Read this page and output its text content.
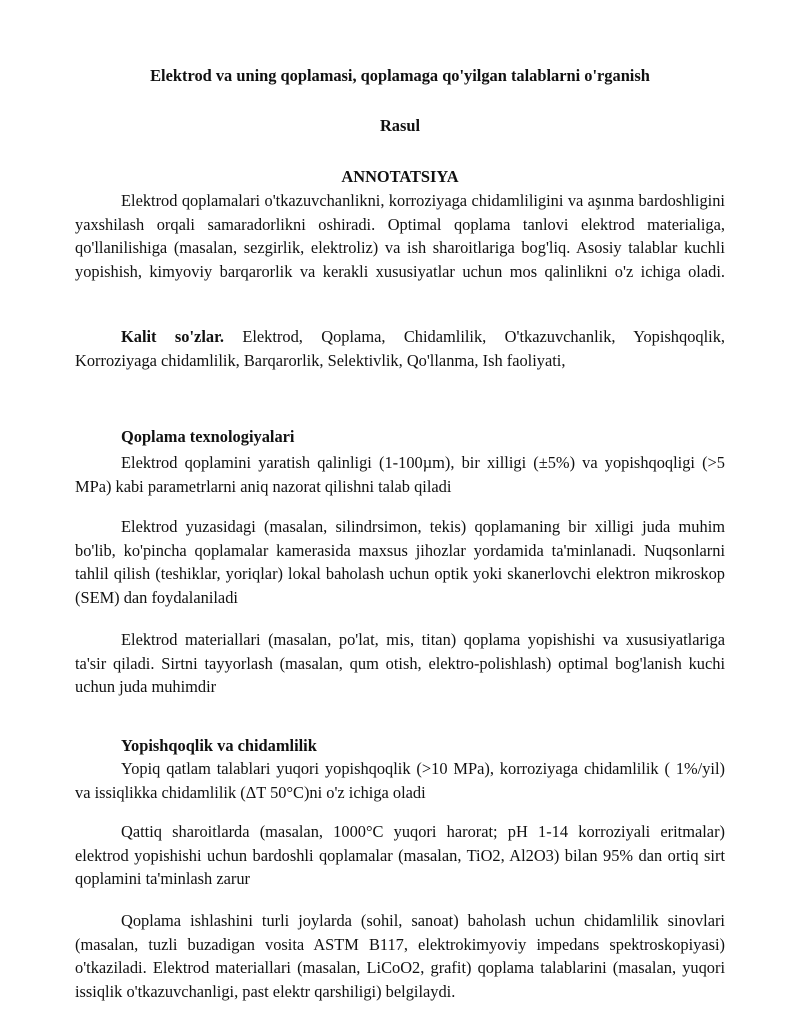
Elektrod va uning qoplamasi, qoplamaga qo'yilgan talablarni o'rganish
Rasul
ANNOTATSIYA
Elektrod qoplamalari o'tkazuvchanlikni, korroziyaga chidamliligini va aşınma bardoshligini yaxshilash orqali samaradorlikni oshiradi. Optimal qoplama tanlovi elektrod materialiga, qo'llanilishiga (masalan, sezgirlik, elektroliz) va ish sharoitlariga bog'liq. Asosiy talablar kuchli yopishish, kimyoviy barqarorlik va kerakli xususiyatlar uchun mos qalinlikni o'z ichiga oladi.
Kalit so'zlar. Elektrod, Qoplama, Chidamlilik, O'tkazuvchanlik, Yopishqoqlik, Korroziyaga chidamlilik, Barqarorlik, Selektivlik, Qo'llanma, Ish faoliyati,
Qoplama texnologiyalari
Elektrod qoplamini yaratish qalinligi (1-100µm), bir xilligi (±5%) va yopishqoqligi (>5 MPa) kabi parametrlarni aniq nazorat qilishni talab qiladi
Elektrod yuzasidagi (masalan, silindrsimon, tekis) qoplamaning bir xilligi juda muhim bo'lib, ko'pincha qoplamalar kamerasida maxsus jihozlar yordamida ta'minlanadi. Nuqsonlarni tahlil qilish (teshiklar, yoriqlar) lokal baholash uchun optik yoki skanerlovchi elektron mikroskop (SEM) dan foydalaniladi
Elektrod materiallari (masalan, po'lat, mis, titan) qoplama yopishishi va xususiyatlariga ta'sir qiladi. Sirtni tayyorlash (masalan, qum otish, elektro-polishlash) optimal bog'lanish kuchi uchun juda muhimdir
Yopishqoqlik va chidamlilik
Yopiq qatlam talablari yuqori yopishqoqlik (>10 MPa), korroziyaga chidamlilik ( 1%/yil) va issiqlikka chidamlilik (ΔT 50°C)ni o'z ichiga oladi
Qattiq sharoitlarda (masalan, 1000°C yuqori harorat; pH 1-14 korroziyali eritmalar) elektrod yopishishi uchun bardoshli qoplamalar (masalan, TiO2, Al2O3) bilan 95% dan ortiq sirt qoplamini ta'minlash zarur
Qoplama ishlashini turli joylarda (sohil, sanoat) baholash uchun chidamlilik sinovlari (masalan, tuzli buzadigan vosita ASTM B117, elektrokimyoviy impedans spektroskopiyasi) o'tkaziladi. Elektrod materiallari (masalan, LiCoO2, grafit) qoplama talablarini (masalan, yuqori issiqlik o'tkazuvchanligi, past elektr qarshiligi) belgilaydi.
